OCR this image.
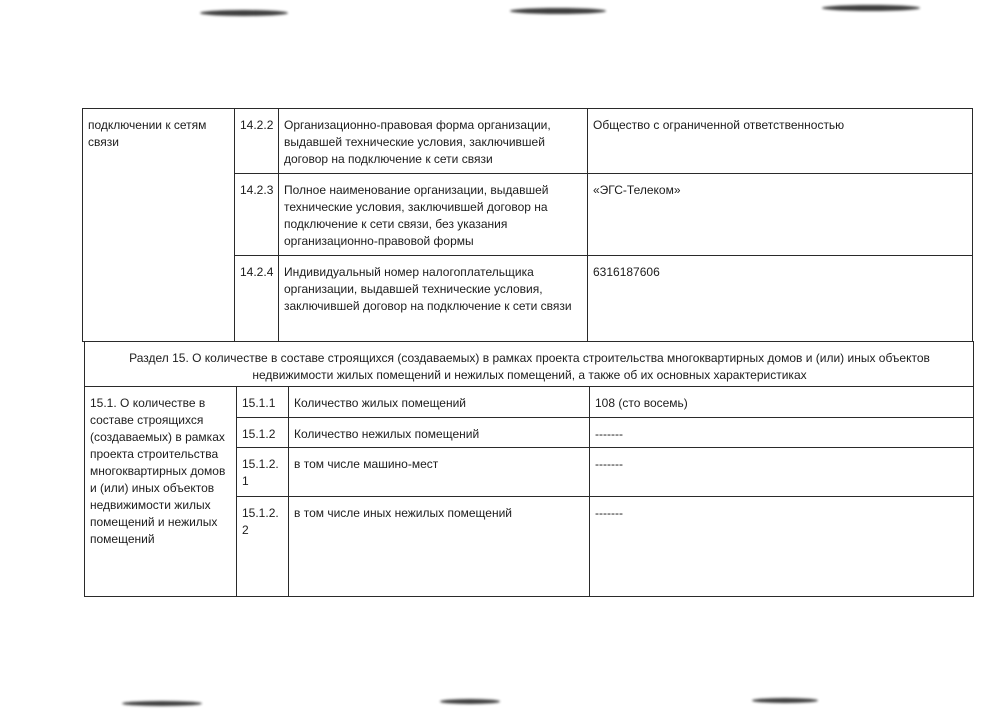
подключении к сетям связи	14.2.2	Организационно-правовая форма организации, выдавшей технические условия, заключившей договор на подключение к сети связи	Общество с ограниченной ответственностью
	14.2.3	Полное наименование организации, выдавшей технические условия, заключившей договор на подключение к сети связи, без указания организационно-правовой формы	«ЭГС-Телеком»
	14.2.4	Индивидуальный номер налогоплательщика организации, выдавшей технические условия, заключившей договор на подключение к сети связи	6316187606
Раздел 15. О количестве в составе строящихся (создаваемых) в рамках проекта строительства многоквартирных домов и (или) иных объектов недвижимости жилых помещений и нежилых помещений, а также об их основных характеристиках			
15.1. О количестве в составе строящихся (создаваемых) в рамках проекта строительства многоквартирных домов и (или) иных объектов недвижимости жилых помещений и нежилых помещений	15.1.1	Количество жилых помещений	108 (сто восемь)
	15.1.2	Количество нежилых помещений	-------
	15.1.2.1	в том числе машино-мест	-------
	15.1.2.2	в том числе иных нежилых помещений	-------
